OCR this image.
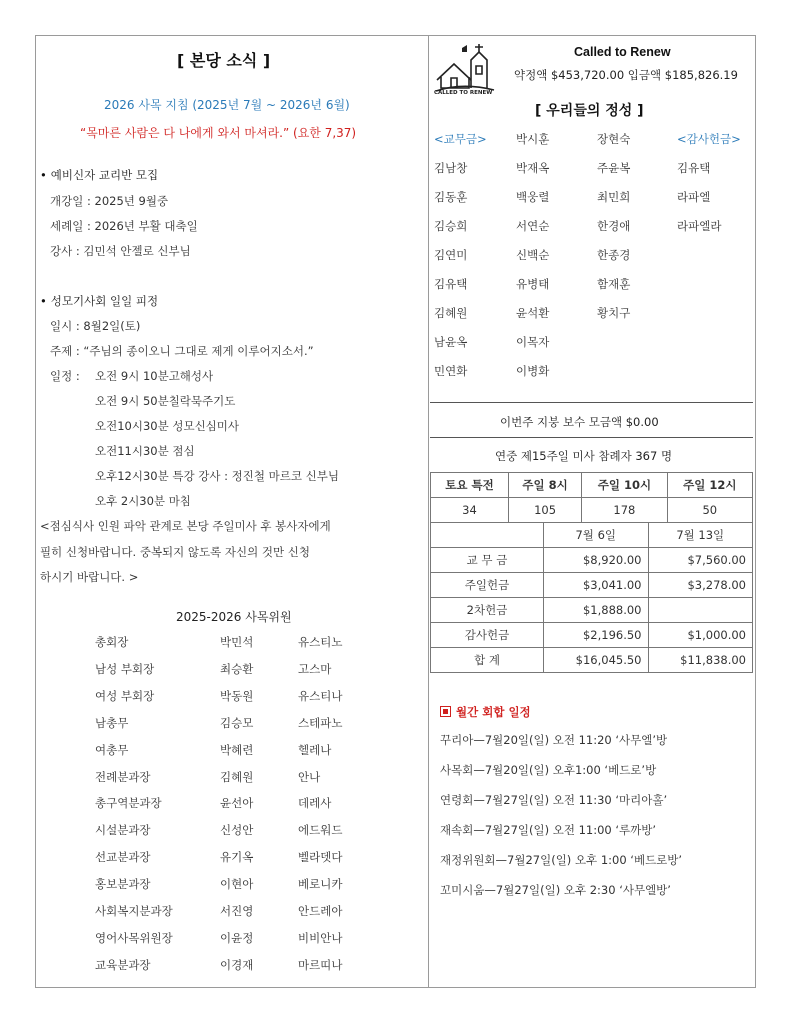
[ 본당 소식 ]
2026 사목 지침 (2025년 7월 ~ 2026년 6월)
“목마른 사람은 다 나에게 와서 마셔라.” (요한 7,37)
• 예비신자 교리반 모집
개강일 : 2025년 9월중
세례일 : 2026년 부활 대축일
강사 : 김민석 안젤로 신부님
• 성모기사회 일일 피정
일시 : 8월2일(토)
주제 : “주님의 종이오니 그대로 제게 이루어지소서.”
일정 : 오전 9시 10분고해성사
오전 9시 50분칠락묵주기도
오전10시30분 성모신심미사
오전11시30분 점심
오후12시30분 특강 강사 : 정진철 마르코 신부님
오후 2시30분 마침
<점심식사 인원 파악 관계로 본당 주일미사 후 봉사자에게
필히 신청바랍니다. 중복되지 않도록 자신의 것만 신청
하시기 바랍니다. >
2025-2026 사목위원
총회장	박민석	유스티노
남성 부회장	최승환	고스마
여성 부회장	박동원	유스티나
남총무	김승모	스테파노
여총무	박혜련	헬레나
전례분과장	김혜원	안나
총구역분과장	윤선아	데레사
시설분과장	신성안	에드워드
선교분과장	유기옥	벨라뎃다
홍보분과장	이현아	베로니카
사회복지분과장	서진영	안드레아
영어사목위원장	이윤정	비비안나
교육분과장	이경재	마르띠나
CALLED TO RENEW
Called to Renew
약정액 $453,720.00 입금액 $185,826.19
[ 우리들의 정성 ]
<교무금>	박시훈	장현숙	<감사헌금>
김남창	박재옥	주윤복	김유택
김동훈	백웅렬	최민희	라파엘
김승희	서연순	한경애	라파엘라
김연미	신백순	한종경
김유택	유병태	함재훈
김혜원	윤석환	황치구
남윤옥	이목자
민연화	이병화
이번주 지붕 보수 모금액 $0.00
연중 제15주일 미사 참례자 367 명
토요 특전	주일 8시	주일 10시	주일 12시
34	105	178	50
	7월 6일	7월 13일
교 무 금	$8,920.00	$7,560.00
주일헌금	$3,041.00	$3,278.00
2차헌금	$1,888.00	
감사헌금	$2,196.50	$1,000.00
합 계	$16,045.50	$11,838.00
월간 회합 일정
꾸리아—7월20일(일) 오전 11:20 ‘사무엘’방
사목회—7월20일(일) 오후1:00 ‘베드로’방
연령회—7월27일(일) 오전 11:30 ‘마리아홀’
재속회—7월27일(일) 오전 11:00 ‘루까방’
재정위원회—7월27일(일) 오후 1:00 ‘베드로방’
꼬미시움—7월27일(일) 오후 2:30 ‘사무엘방’
